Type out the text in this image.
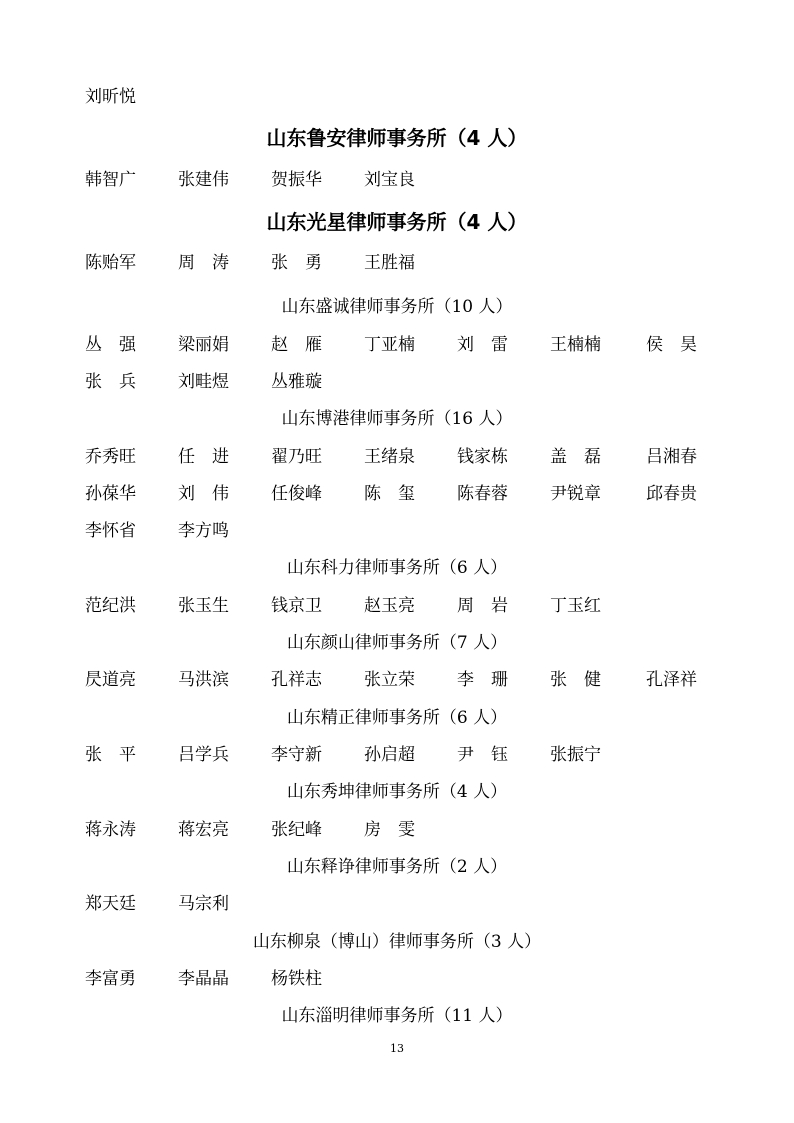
刘昕悦
山东鲁安律师事务所（4 人）
韩智广 张建伟 贺振华 刘宝良
山东光星律师事务所（4 人）
陈贻军 周　涛 张　勇 王胜福
山东盛诚律师事务所（10 人）
丛　强 梁丽娟 赵　雁 丁亚楠 刘　雷 王楠楠	侯　昊
张　兵 刘畦煜 丛雅璇
山东博港律师事务所（16 人）
乔秀旺 任　进 翟乃旺 王绪泉 钱家栋 盖　磊	吕湘春
孙葆华 刘　伟 任俊峰 陈　玺 陈春蓉 尹锐章	邱春贵
李怀省 李方鸣
山东科力律师事务所（6 人）
范纪洪 张玉生 钱京卫 赵玉亮 周　岩 丁玉红
山东颜山律师事务所（7 人）
昃道亮 马洪滨 孔祥志 张立荣 李　珊 张　健	孔泽祥
山东精正律师事务所（6 人）
张　平 吕学兵 李守新 孙启超 尹　钰 张振宁
山东秀坤律师事务所（4 人）
蒋永涛 蒋宏亮 张纪峰 房　雯
山东释诤律师事务所（2 人）
郑天廷 马宗利
山东柳泉（博山）律师事务所（3 人）
李富勇 李晶晶 杨铁柱
山东淄明律师事务所（11 人）
13
